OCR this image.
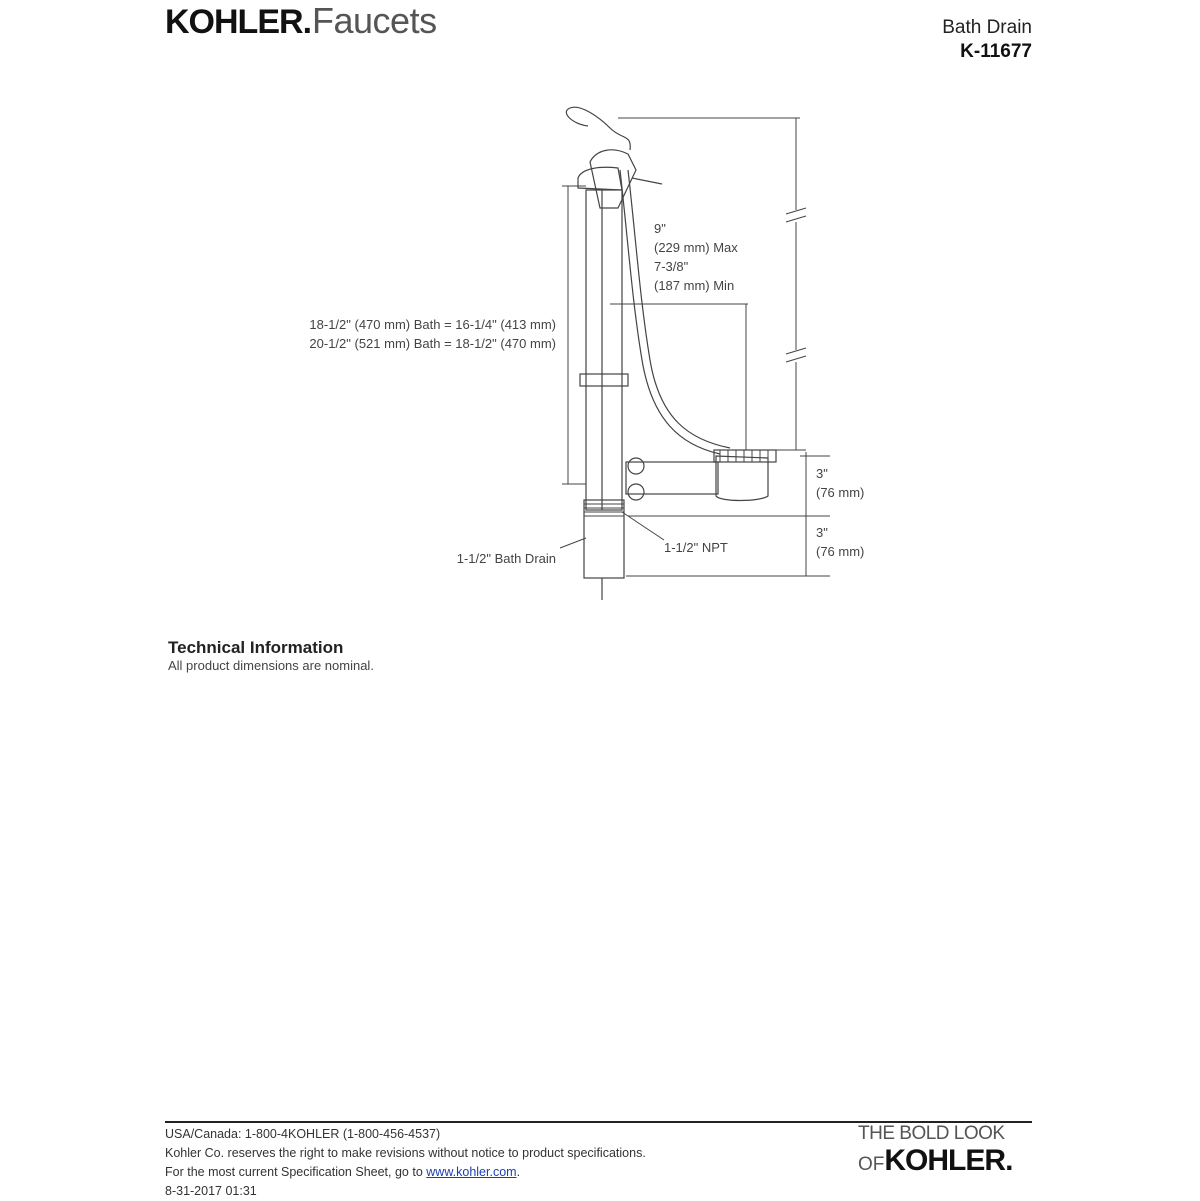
KOHLER.Faucets	Bath Drain
K-11677
9"
(229 mm) Max
7-3/8"
(187 mm) Min
18-1/2" (470 mm) Bath = 16-1/4" (413 mm)
20-1/2" (521 mm) Bath = 18-1/2" (470 mm)
3"
(76 mm)
3"
(76 mm)
1-1/2" NPT
1-1/2" Bath Drain
Technical Information
All product dimensions are nominal.
USA/Canada: 1-800-4KOHLER (1-800-456-4537)
Kohler Co. reserves the right to make revisions without notice to product specifications.
For the most current Specification Sheet, go to www.kohler.com.
8-31-2017 01:31
THE BOLD LOOK
OF KOHLER .
